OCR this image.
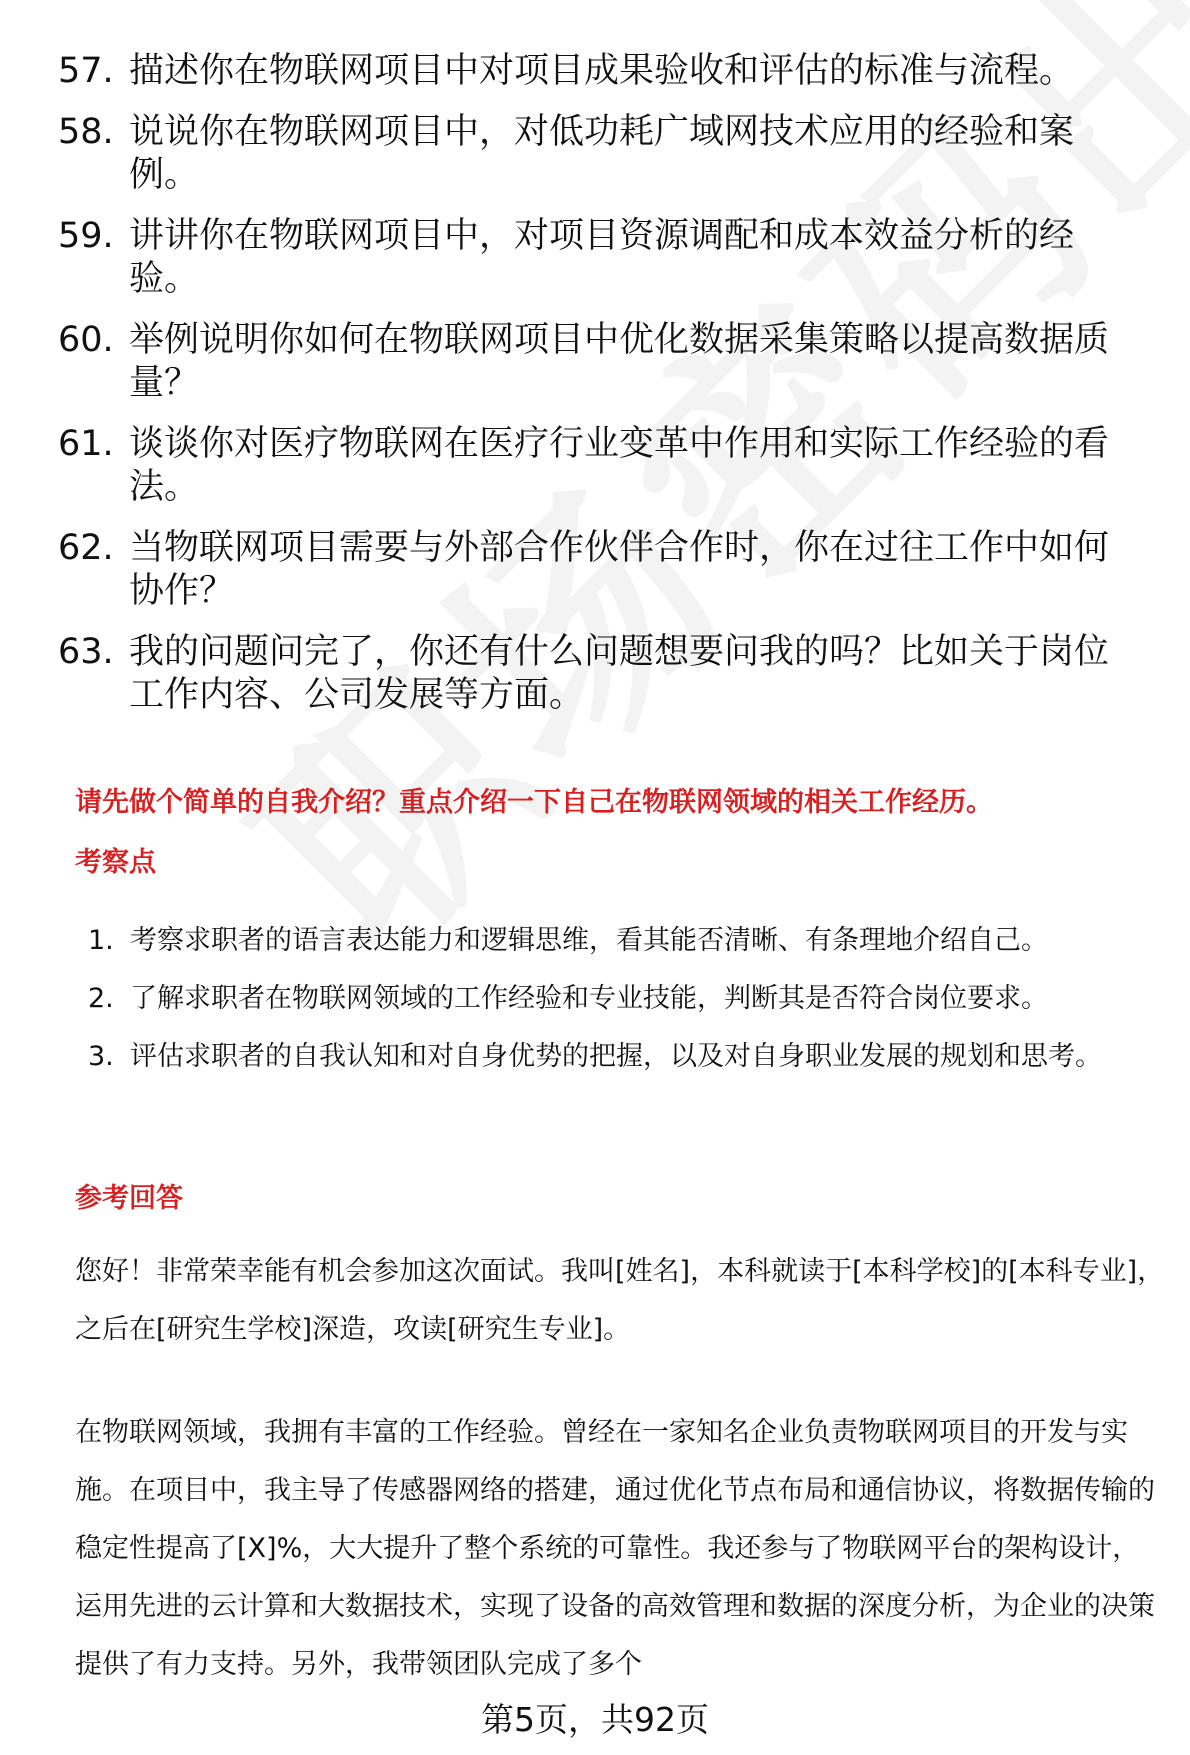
57. 描述你在物联网项目中对项目成果验收和评估的标准与流程。
58. 说说你在物联网项目中，对低功耗广域网技术应用的经验和案例。
59. 讲讲你在物联网项目中，对项目资源调配和成本效益分析的经验。
60. 举例说明你如何在物联网项目中优化数据采集策略以提高数据质量？
61. 谈谈你对医疗物联网在医疗行业变革中作用和实际工作经验的看法。
62. 当物联网项目需要与外部合作伙伴合作时，你在过往工作中如何协作？
63. 我的问题问完了，你还有什么问题想要问我的吗？比如关于岗位工作内容、公司发展等方面。
请先做个简单的自我介绍？重点介绍一下自己在物联网领域的相关工作经历。
考察点
1. 考察求职者的语言表达能力和逻辑思维，看其能否清晰、有条理地介绍自己。
2. 了解求职者在物联网领域的工作经验和专业技能，判断其是否符合岗位要求。
3. 评估求职者的自我认知和对自身优势的把握，以及对自身职业发展的规划和思考。
参考回答
您好！非常荣幸能有机会参加这次面试。我叫[姓名]，本科就读于[本科学校]的[本科专业]，之后在[研究生学校]深造，攻读[研究生专业]。
在物联网领域，我拥有丰富的工作经验。曾经在一家知名企业负责物联网项目的开发与实施。在项目中，我主导了传感器网络的搭建，通过优化节点布局和通信协议，将数据传输的稳定性提高了[X]%，大大提升了整个系统的可靠性。我还参与了物联网平台的架构设计，运用先进的云计算和大数据技术，实现了设备的高效管理和数据的深度分析，为企业的决策提供了有力支持。另外，我带领团队完成了多个
第5页，共92页
